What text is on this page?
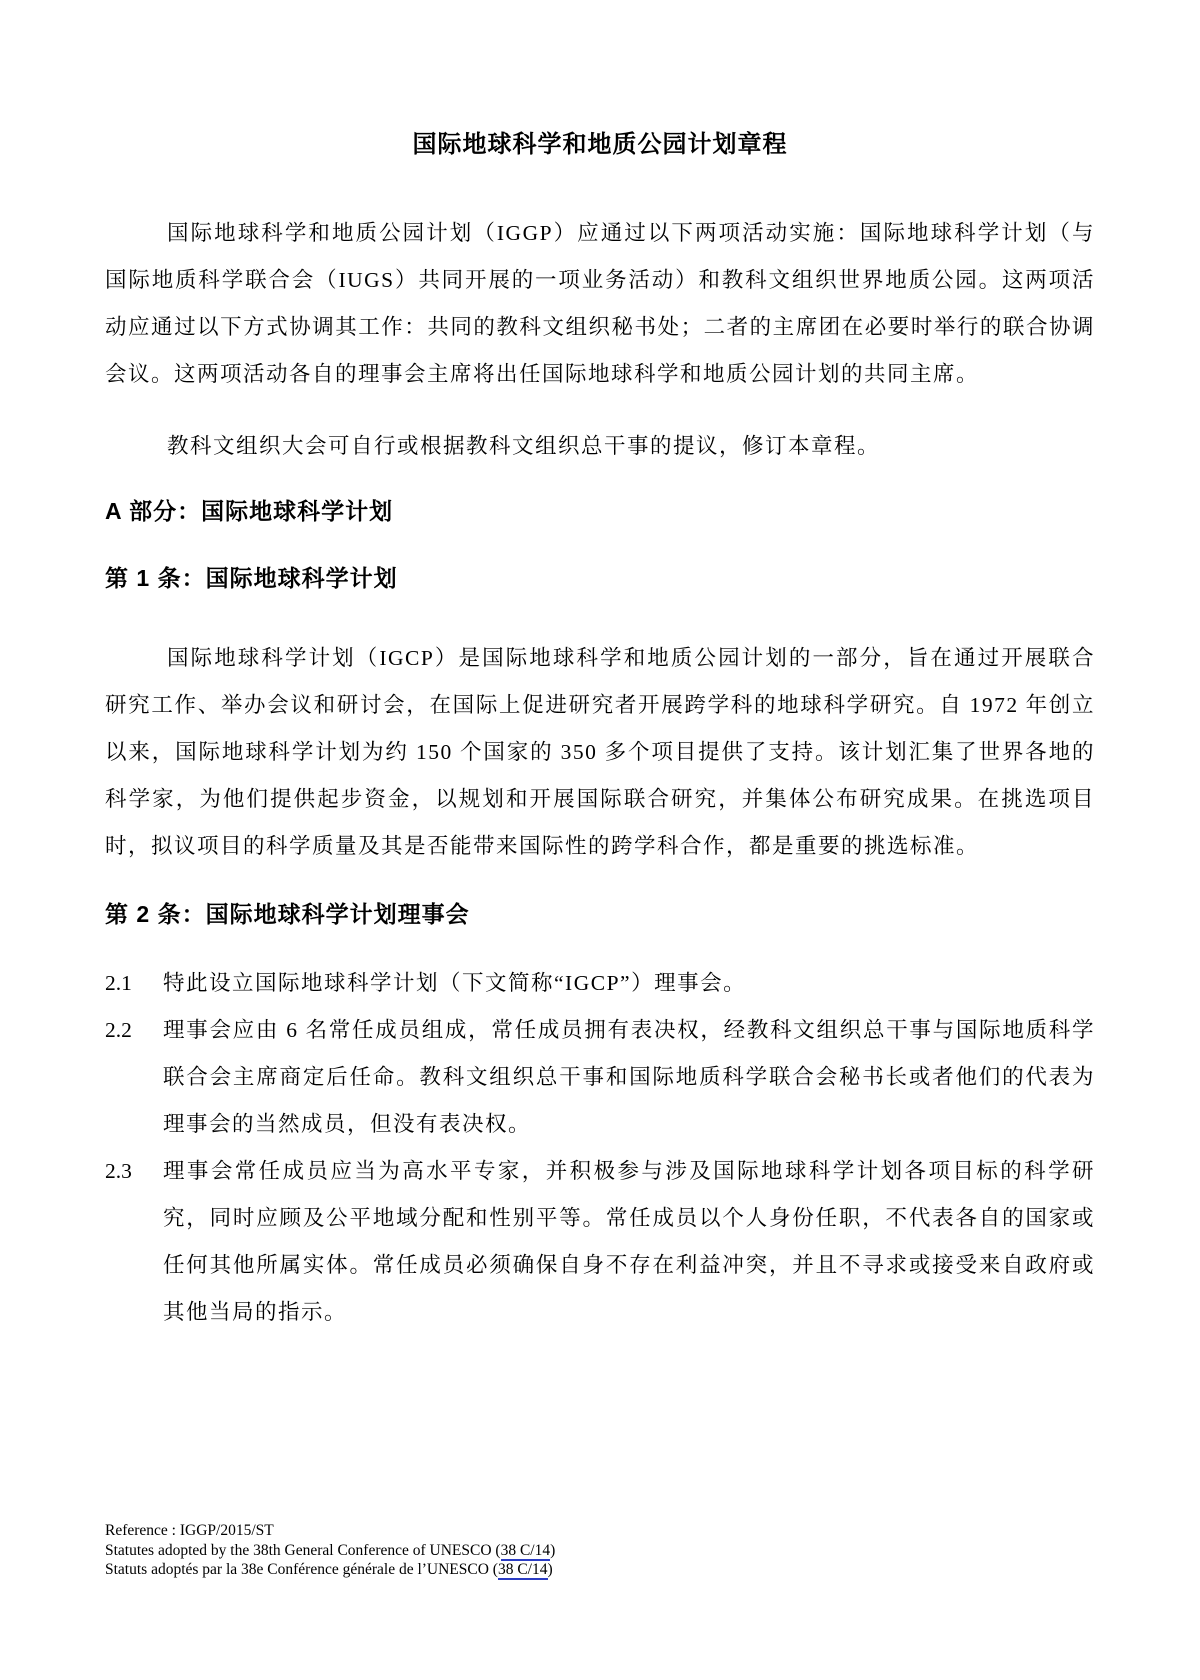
国际地球科学和地质公园计划章程

国际地球科学和地质公园计划（IGGP）应通过以下两项活动实施：国际地球科学计划（与国际地质科学联合会（IUGS）共同开展的一项业务活动）和教科文组织世界地质公园。这两项活动应通过以下方式协调其工作：共同的教科文组织秘书处；二者的主席团在必要时举行的联合协调会议。这两项活动各自的理事会主席将出任国际地球科学和地质公园计划的共同主席。

教科文组织大会可自行或根据教科文组织总干事的提议，修订本章程。

A 部分：国际地球科学计划
第 1 条：国际地球科学计划

国际地球科学计划（IGCP）是国际地球科学和地质公园计划的一部分，旨在通过开展联合研究工作、举办会议和研讨会，在国际上促进研究者开展跨学科的地球科学研究。自 1972 年创立以来，国际地球科学计划为约 150 个国家的 350 多个项目提供了支持。该计划汇集了世界各地的科学家，为他们提供起步资金，以规划和开展国际联合研究，并集体公布研究成果。在挑选项目时，拟议项目的科学质量及其是否能带来国际性的跨学科合作，都是重要的挑选标准。

第 2 条：国际地球科学计划理事会
2.1 特此设立国际地球科学计划（下文简称“IGCP”）理事会。
2.2 理事会应由 6 名常任成员组成，常任成员拥有表决权，经教科文组织总干事与国际地质科学联合会主席商定后任命。教科文组织总干事和国际地质科学联合会秘书长或者他们的代表为理事会的当然成员，但没有表决权。
2.3 理事会常任成员应当为高水平专家，并积极参与涉及国际地球科学计划各项目标的科学研究，同时应顾及公平地域分配和性别平等。常任成员以个人身份任职，不代表各自的国家或任何其他所属实体。常任成员必须确保自身不存在利益冲突，并且不寻求或接受来自政府或其他当局的指示。
Reference : IGGP/2015/ST
Statutes adopted by the 38th General Conference of UNESCO (38 C/14)
Statuts adoptés par la 38e Conférence générale de l’UNESCO (38 C/14)
